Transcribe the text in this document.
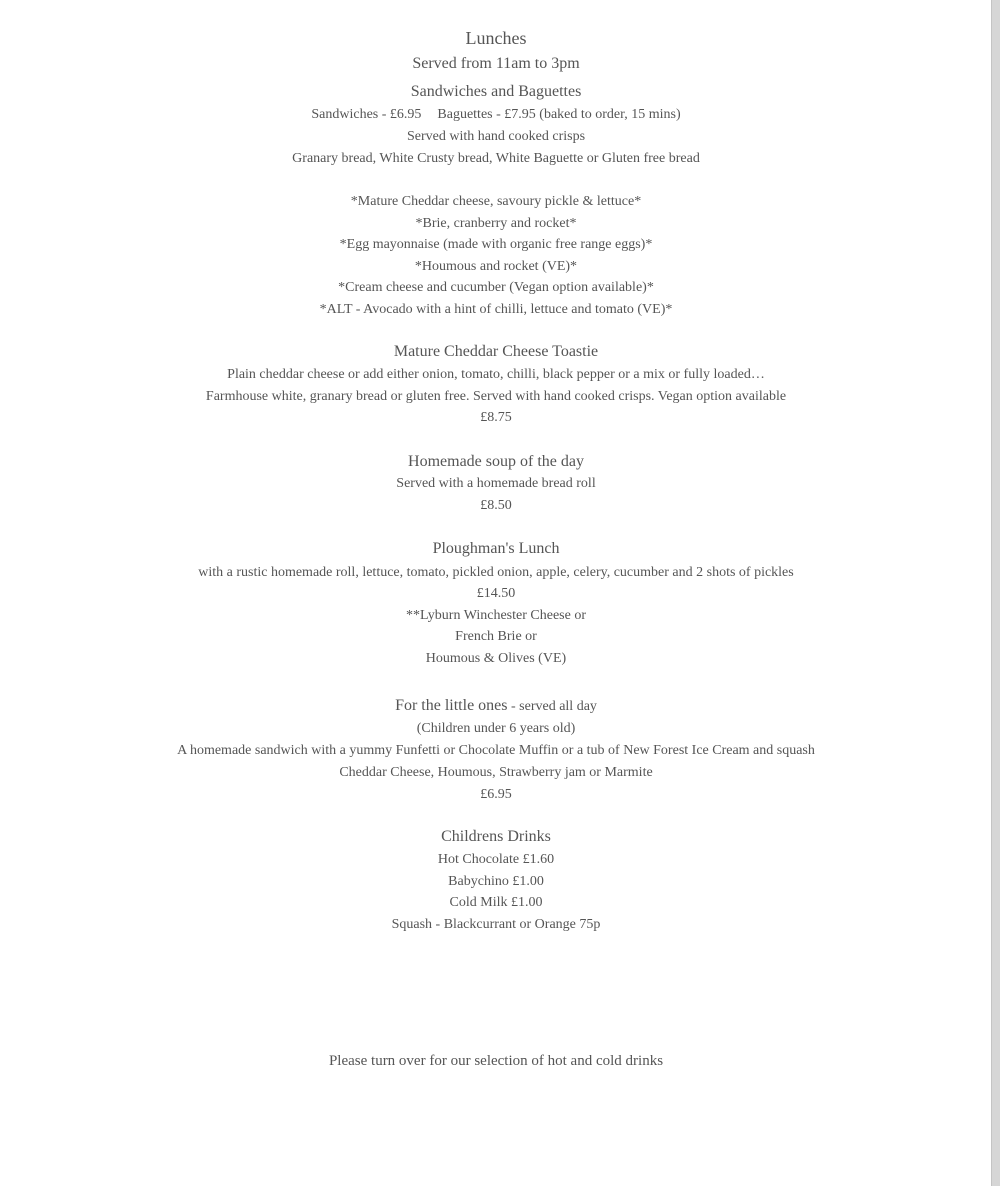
Lunches
Served from 11am to 3pm
Sandwiches and Baguettes
Sandwiches - £6.95 Baguettes - £7.95 (baked to order, 15 mins)
Served with hand cooked crisps
Granary bread, White Crusty bread, White Baguette or Gluten free bread
*Mature Cheddar cheese, savoury pickle & lettuce*
*Brie, cranberry and rocket*
*Egg mayonnaise (made with organic free range eggs)*
*Houmous and rocket (VE)*
*Cream cheese and cucumber (Vegan option available)*
*ALT - Avocado with a hint of chilli, lettuce and tomato (VE)*
Mature Cheddar Cheese Toastie
Plain cheddar cheese or add either onion, tomato, chilli, black pepper or a mix or fully loaded…
Farmhouse white, granary bread or gluten free. Served with hand cooked crisps. Vegan option available
£8.75
Homemade soup of the day
Served with a homemade bread roll
£8.50
Ploughman's Lunch
with a rustic homemade roll, lettuce, tomato, pickled onion, apple, celery, cucumber and 2 shots of pickles
£14.50
**Lyburn Winchester Cheese or
French Brie or
Houmous & Olives (VE)
For the little ones - served all day
(Children under 6 years old)
A homemade sandwich with a yummy Funfetti or Chocolate Muffin or a tub of New Forest Ice Cream and squash
Cheddar Cheese, Houmous, Strawberry jam or Marmite
£6.95
Childrens Drinks
Hot Chocolate £1.60
Babychino £1.00
Cold Milk £1.00
Squash - Blackcurrant or Orange 75p
Please turn over for our selection of hot and cold drinks
